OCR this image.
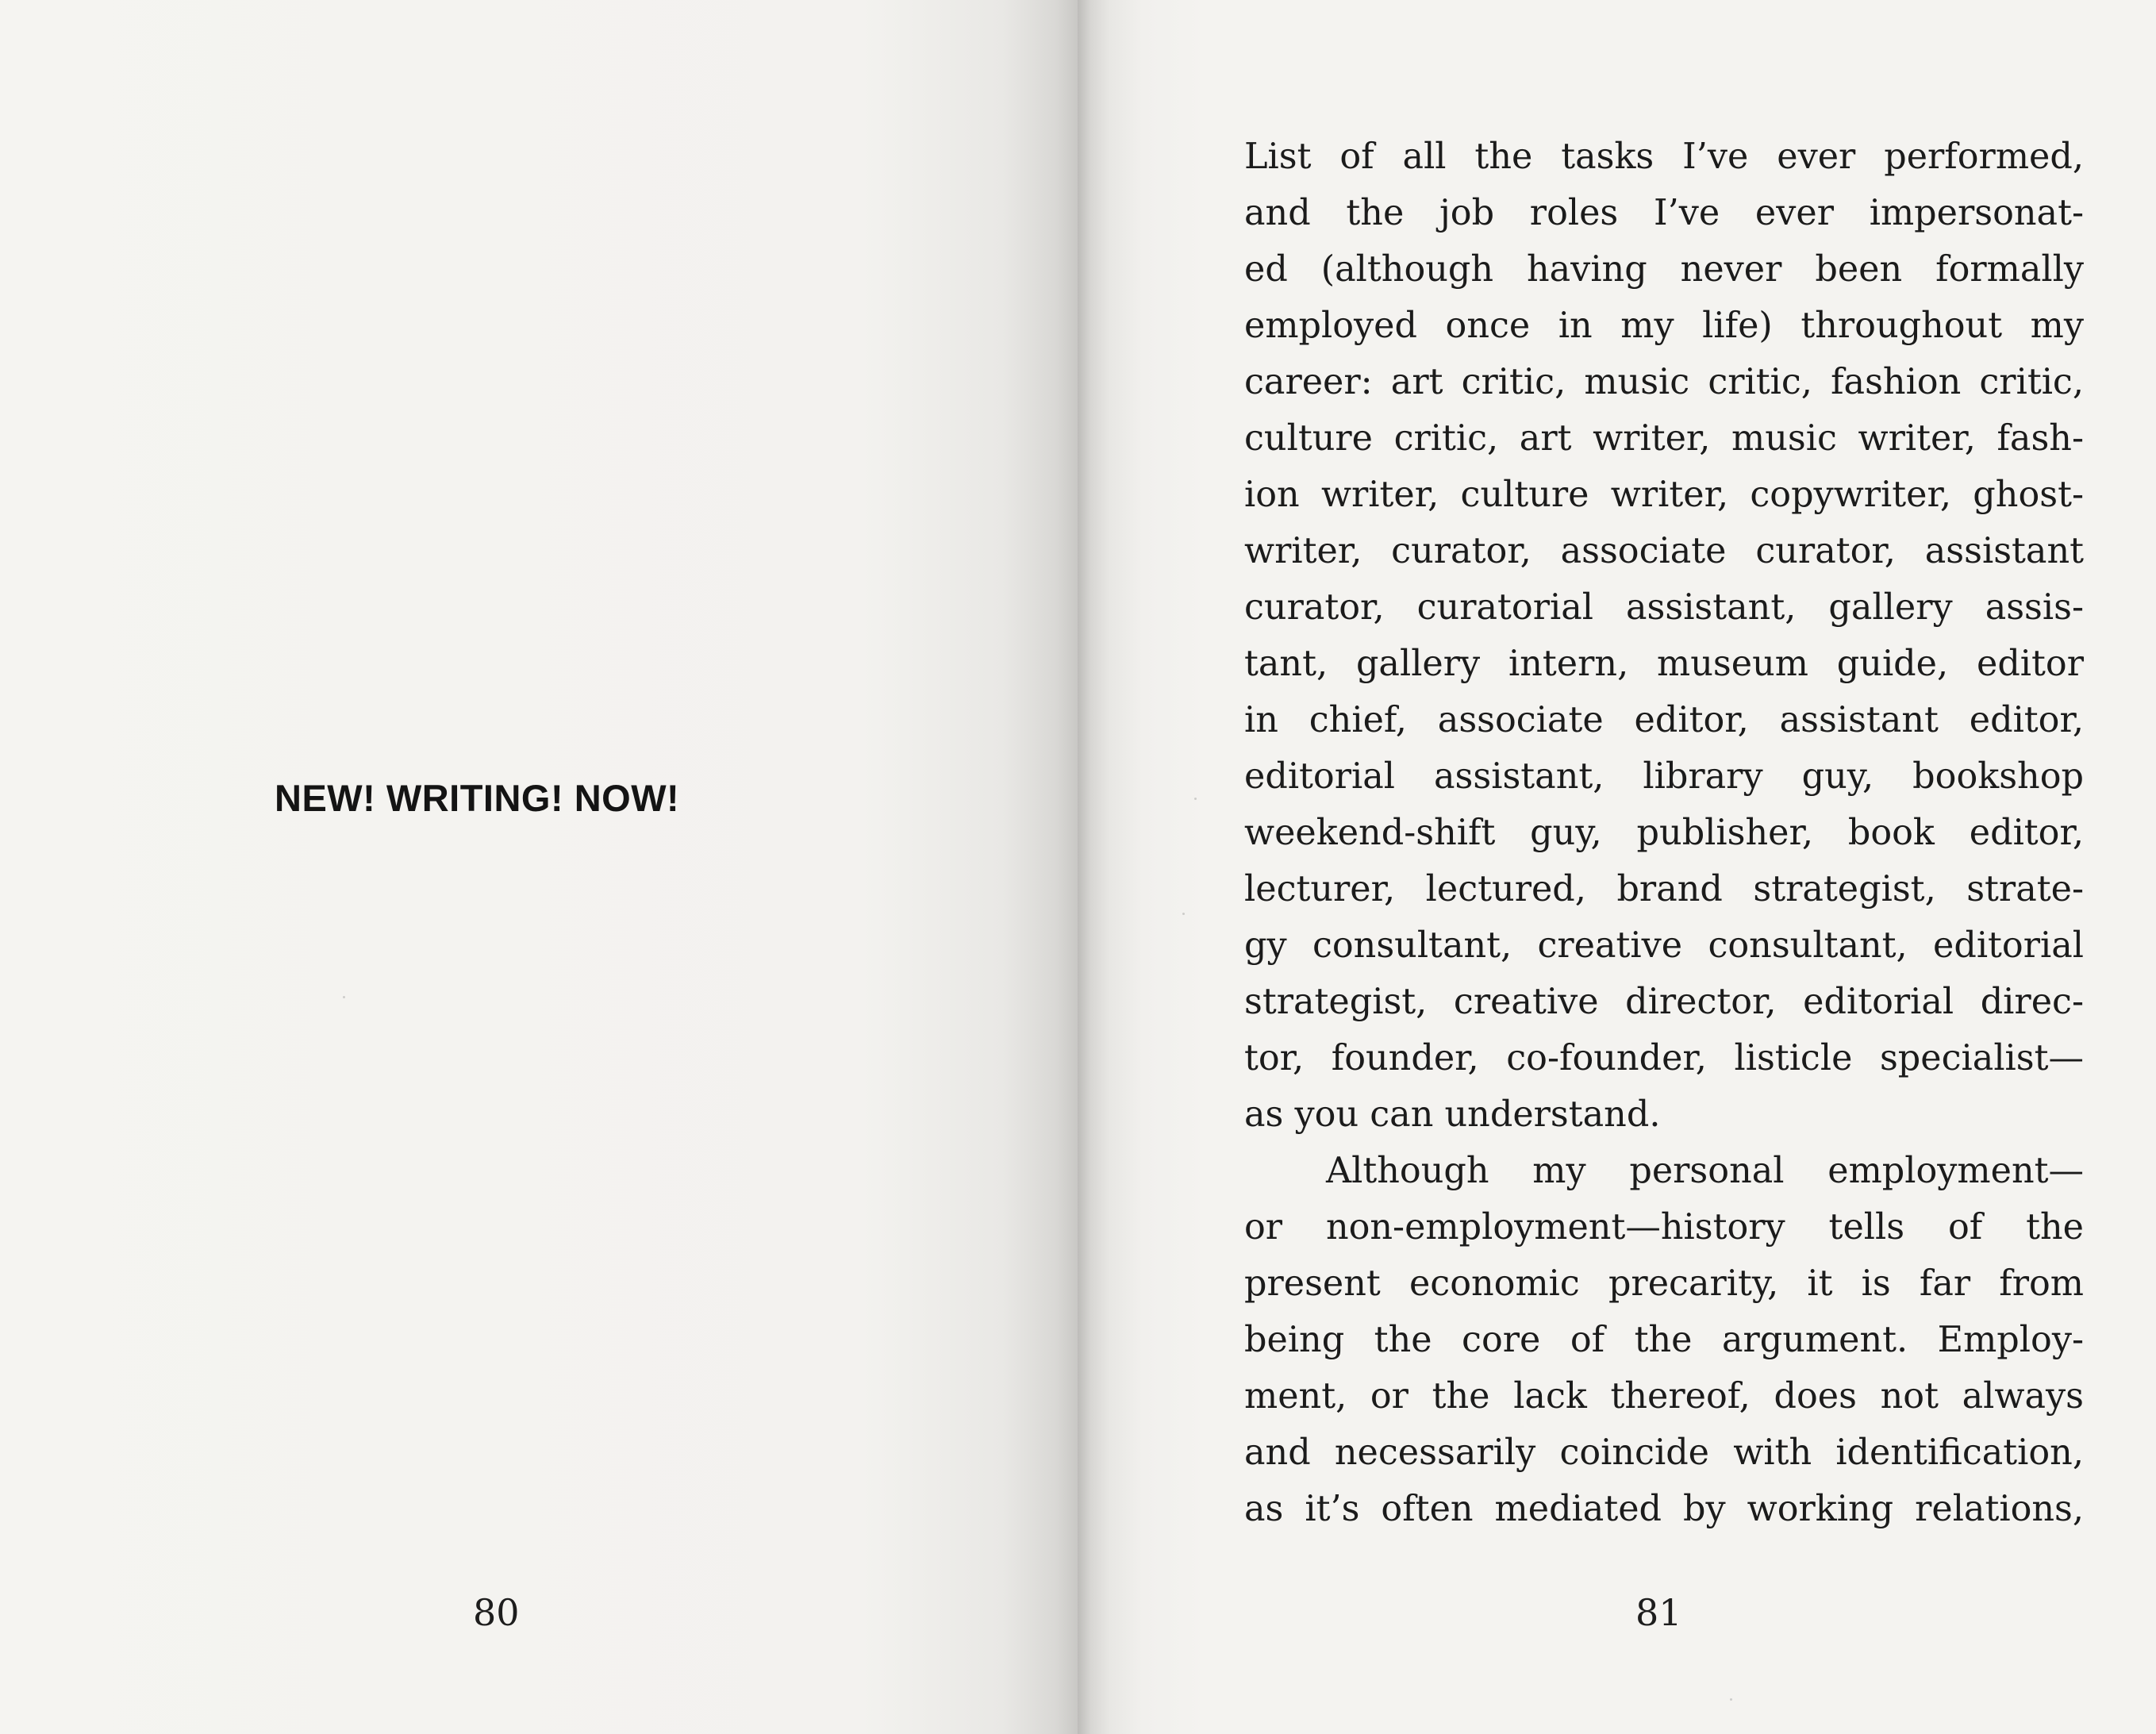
NEW! WRITING! NOW!

80	81

List of all the tasks I’ve ever performed,
and the job roles I’ve ever impersonat-
ed (although having never been formally
employed once in my life) throughout my
career: art critic, music critic, fashion critic,
culture critic, art writer, music writer, fash-
ion writer, culture writer, copywriter, ghost-
writer, curator, associate curator, assistant
curator, curatorial assistant, gallery assis-
tant, gallery intern, museum guide, editor
in chief, associate editor, assistant editor,
editorial assistant, library guy, bookshop
weekend-shift guy, publisher, book editor,
lecturer, lectured, brand strategist, strate-
gy consultant, creative consultant, editorial
strategist, creative director, editorial direc-
tor, founder, co-founder, listicle specialist—
as you can understand.
Although my personal employment—
or non-employment—history tells of the
present economic precarity, it is far from
being the core of the argument. Employ-
ment, or the lack thereof, does not always
and necessarily coincide with identification,
as it’s often mediated by working relations,
